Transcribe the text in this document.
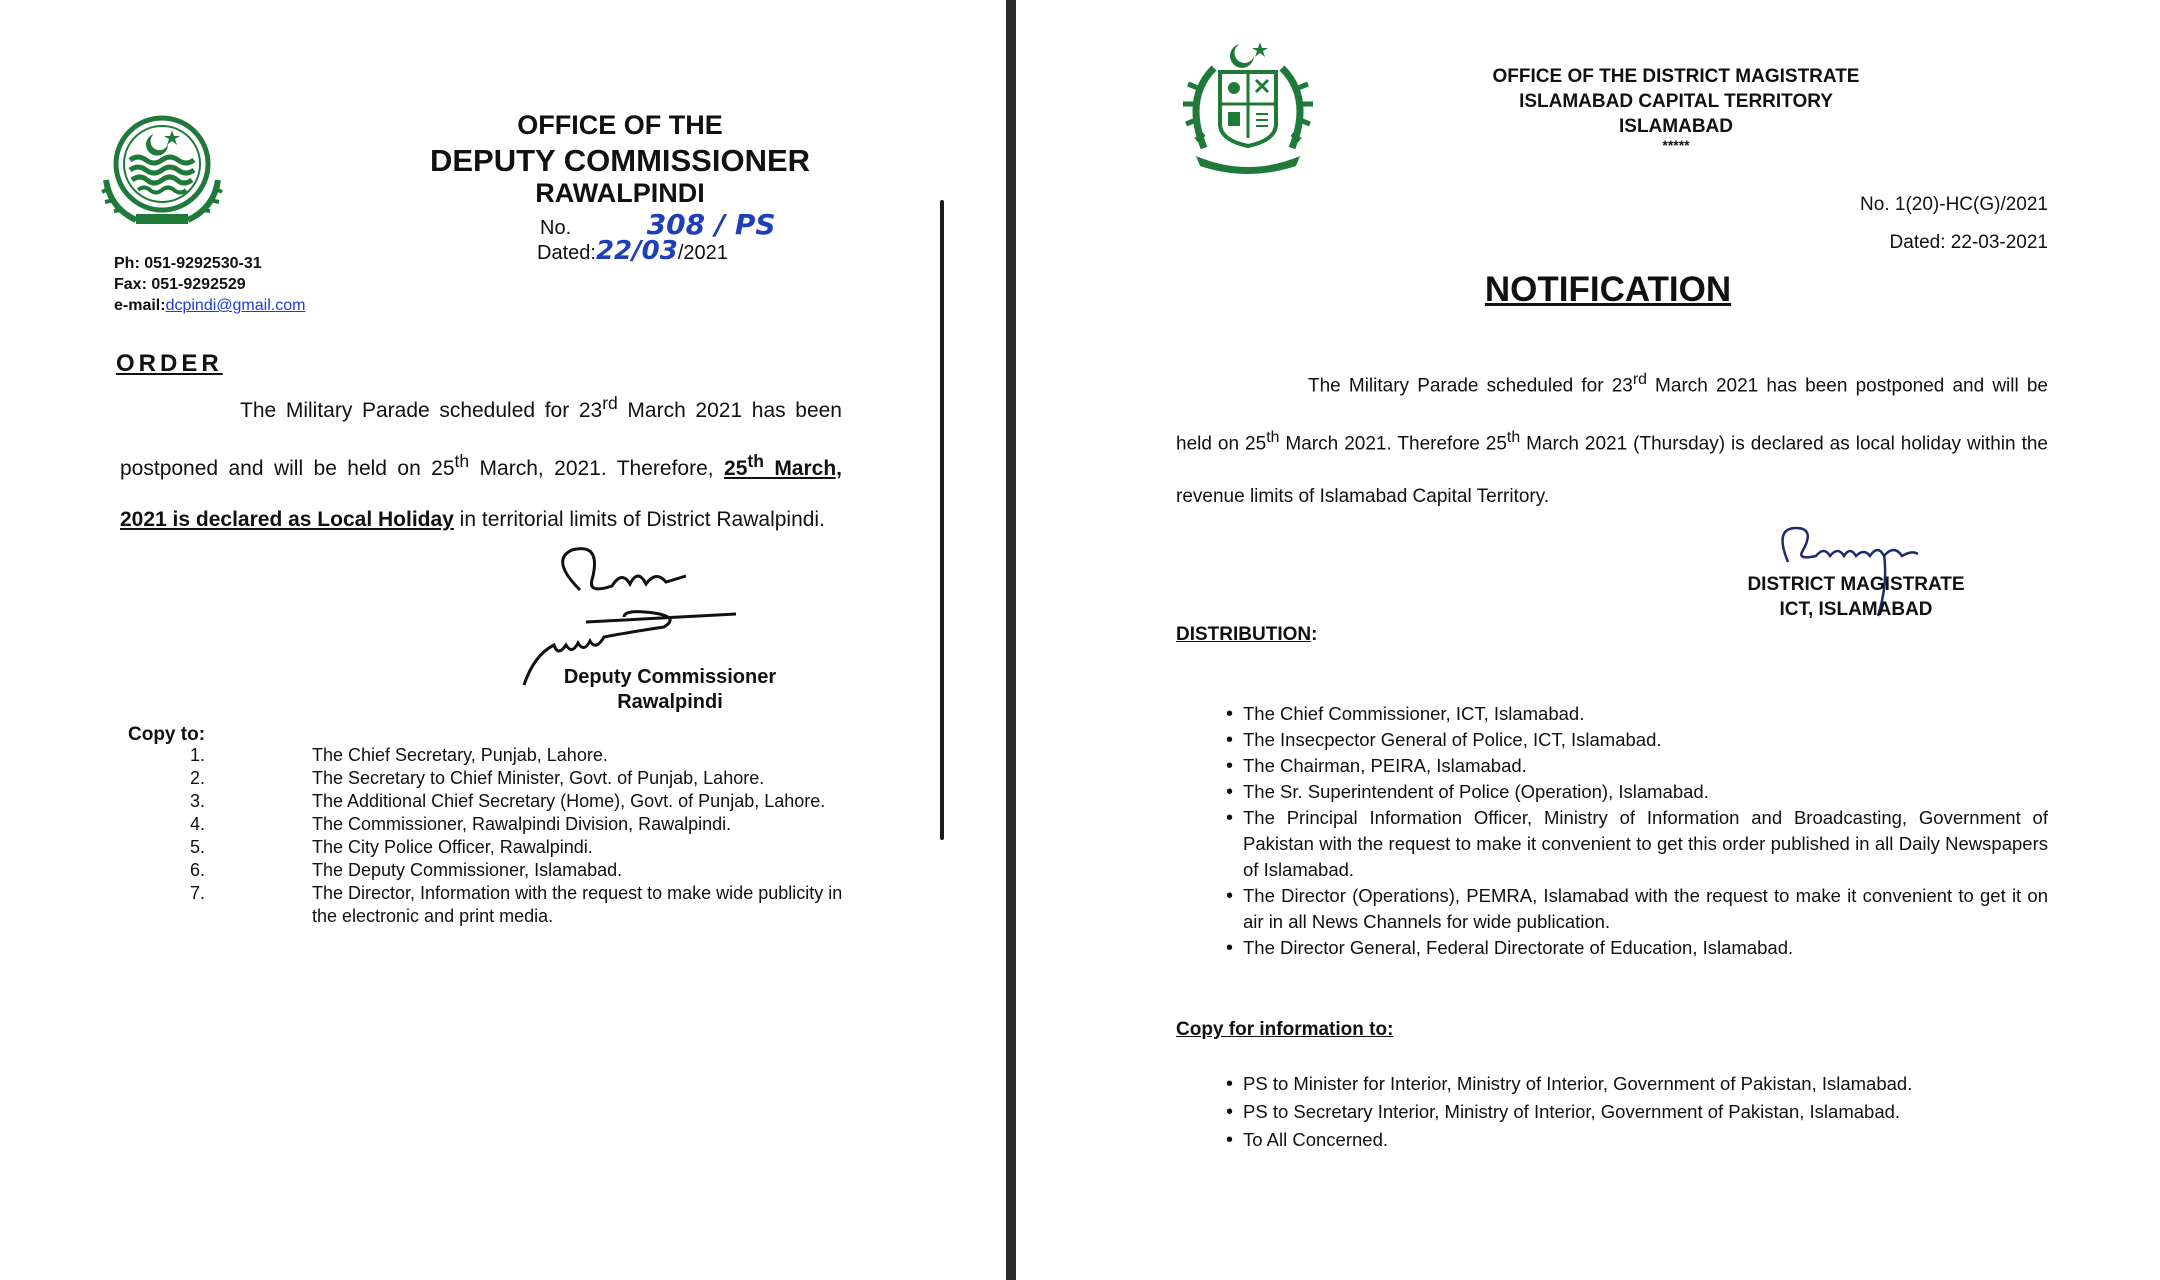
OFFICE OF THE
DEPUTY COMMISSIONER
RAWALPINDI
No.	308 / PS
Dated:22/03/2021
Ph: 051-9292530-31
Fax: 051-9292529
e-mail:dcpindi@gmail.com
ORDER
The Military Parade scheduled for 23rd March 2021 has been postponed and will be held on 25th March, 2021. Therefore, 25th March, 2021 is declared as Local Holiday in territorial limits of District Rawalpindi.
Deputy Commissioner
Rawalpindi
Copy to:
1.	The Chief Secretary, Punjab, Lahore.
2.	The Secretary to Chief Minister, Govt. of Punjab, Lahore.
3.	The Additional Chief Secretary (Home), Govt. of Punjab, Lahore.
4.	The Commissioner, Rawalpindi Division, Rawalpindi.
5.	The City Police Officer, Rawalpindi.
6.	The Deputy Commissioner, Islamabad.
7.	The Director, Information with the request to make wide publicity in the electronic and print media.
OFFICE OF THE DISTRICT MAGISTRATE
ISLAMABAD CAPITAL TERRITORY
ISLAMABAD
*****
No. 1(20)-HC(G)/2021
Dated: 22-03-2021
NOTIFICATION
The Military Parade scheduled for 23rd March 2021 has been postponed and will be held on 25th March 2021. Therefore 25th March 2021 (Thursday) is declared as local holiday within the revenue limits of Islamabad Capital Territory.
DISTRICT MAGISTRATE
ICT, ISLAMABAD
DISTRIBUTION:
• The Chief Commissioner, ICT, Islamabad.
• The Insecpector General of Police, ICT, Islamabad.
• The Chairman, PEIRA, Islamabad.
• The Sr. Superintendent of Police (Operation), Islamabad.
• The Principal Information Officer, Ministry of Information and Broadcasting, Government of Pakistan with the request to make it convenient to get this order published in all Daily Newspapers of Islamabad.
• The Director (Operations), PEMRA, Islamabad with the request to make it convenient to get it on air in all News Channels for wide publication.
• The Director General, Federal Directorate of Education, Islamabad.
Copy for information to:
• PS to Minister for Interior, Ministry of Interior, Government of Pakistan, Islamabad.
• PS to Secretary Interior, Ministry of Interior, Government of Pakistan, Islamabad.
• To All Concerned.
